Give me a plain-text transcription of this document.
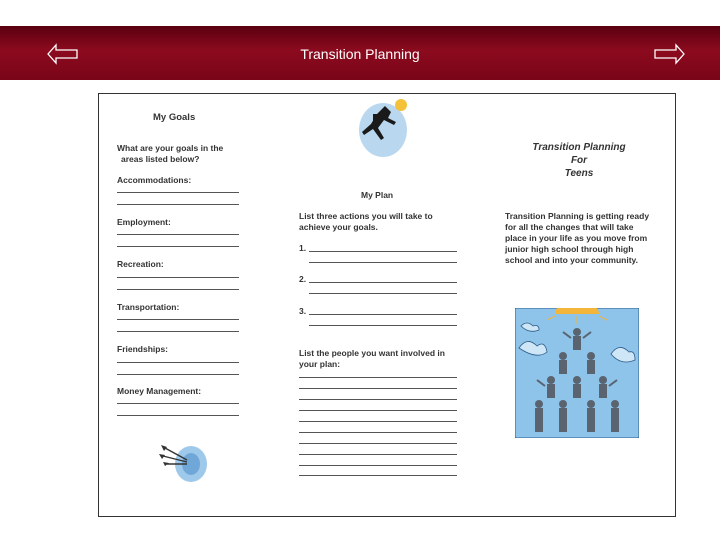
Transition Planning
My Goals
What are your goals in the
areas listed below?
Accommodations:
Employment:
Recreation:
Transportation:
Friendships:
Money Management:
My Plan
List three actions you will take to
achieve your goals.
1.
2.
3.
List the people you want involved in
your plan:
Transition Planning
For
Teens
Transition Planning is getting ready
for all the changes that will take
place in your life as you move from
junior high school through high
school and into your community.
